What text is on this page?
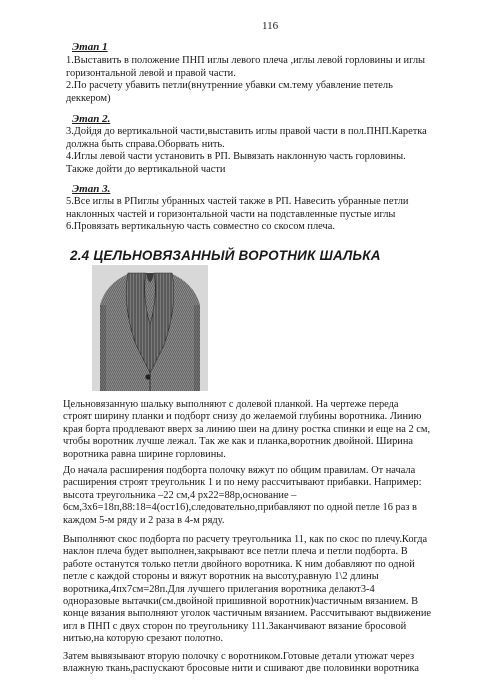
116
Этап 1
1.Выставить в положение ПНП иглы левого плеча ,иглы левой горловины и иглы
горизонтальной левой и правой части.
2.По расчету убавить петли(внутренние убавки см.тему убавление петель
деккером)
Этап 2.
3.Дойдя до вертикальной части,выставить иглы правой части в пол.ПНП.Каретка
должна быть справа.Оборвать нить.
4.Иглы левой части установить в РП. Вывязать наклонную часть горловины.
Также дойти до вертикальной части
Этап 3.
5.Все иглы в РПиглы убранных частей также в РП. Навесить убранные петли
наклонных частей и горизонтальной части на подставленные пустые иглы
6.Провязать вертикальную часть совместно со скосом плеча.
2.4 ЦЕЛЬНОВЯЗАННЫЙ ВОРОТНИК ШАЛЬКА
Цельновязанную шальку выполняют с долевой планкой. На чертеже переда
строят ширину планки и подборт снизу до желаемой глубины воротника. Линию
края борта продлевают вверх за линию шеи на длину ростка спинки и еще на 2 см,
чтобы воротник лучше лежал. Так же как и планка,воротник двойной. Ширина
воротника равна ширине горловины.
До начала расширения подборта полочку вяжут по общим правилам. От начала
расширения строят треугольник 1 и по нему рассчитывают прибавки. Например:
высота треугольника –22 см,4 рх22=88р,основание –
6см,3х6=18п,88:18=4(ост16),следовательно,прибавляют по одной петле 16 раз в
каждом 5-м ряду и 2 раза в 4-м ряду.
Выполняют скос подборта по расчету треугольника 11, как по скос по плечу.Когда
наклон плеча будет выполнен,закрывают все петли плеча и петли подборта. В
работе останутся только петли двойного воротника. К ним добавляют по одной
петле с каждой стороны и вяжут воротник на высоту,равную 1\2 длины
воротника,4пх7см=28п.Для лучшего прилегания воротника делают3-4
одноразовые вытачки(см.двойной пришивной воротник)частичным вязанием. В
конце вязания выполняют уголок частичным вязанием. Рассчитывают выдвижение
игл в ПНП с двух сторон по треугольнику 111.Заканчивают вязание бросовой
нитью,на которую срезают полотно.
Затем вывязывают вторую полочку с воротником.Готовые детали утюжат через
влажную ткань,распускают бросовые нити и сшивают две половинки воротника
